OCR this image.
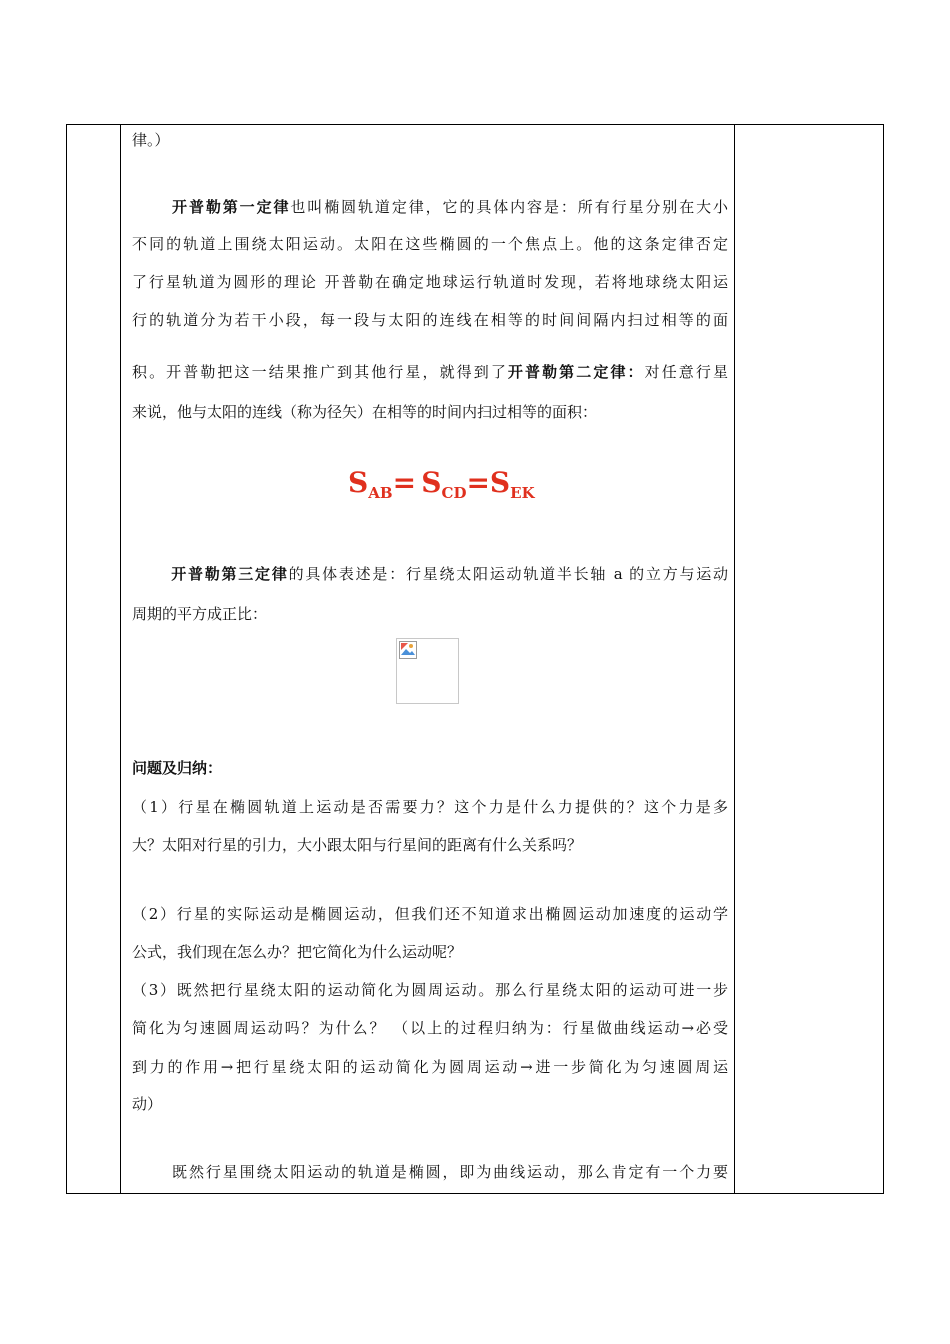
律。）
开普勒第一定律也叫椭圆轨道定律，它的具体内容是：所有行星分别在大小
不同的轨道上围绕太阳运动。太阳在这些椭圆的一个焦点上。他的这条定律否定
了行星轨道为圆形的理论 开普勒在确定地球运行轨道时发现，若将地球绕太阳运
行的轨道分为若干小段，每一段与太阳的连线在相等的时间间隔内扫过相等的面
积。开普勒把这一结果推广到其他行星，就得到了开普勒第二定律：对任意行星
来说，他与太阳的连线（称为径矢）在相等的时间内扫过相等的面积：
SAB= SCD=SEK
开普勒第三定律的具体表述是：行星绕太阳运动轨道半长轴 a 的立方与运动
周期的平方成正比：
问题及归纳：
（1）行星在椭圆轨道上运动是否需要力？这个力是什么力提供的？这个力是多
大？太阳对行星的引力，大小跟太阳与行星间的距离有什么关系吗？
（2）行星的实际运动是椭圆运动，但我们还不知道求出椭圆运动加速度的运动学
公式，我们现在怎么办？把它简化为什么运动呢？
（3）既然把行星绕太阳的运动简化为圆周运动。那么行星绕太阳的运动可进一步
简化为匀速圆周运动吗？为什么？ （以上的过程归纳为：行星做曲线运动→必受
到力的作用→把行星绕太阳的运动简化为圆周运动→进一步简化为匀速圆周运
动）
既然行星围绕太阳运动的轨道是椭圆，即为曲线运动，那么肯定有一个力要
